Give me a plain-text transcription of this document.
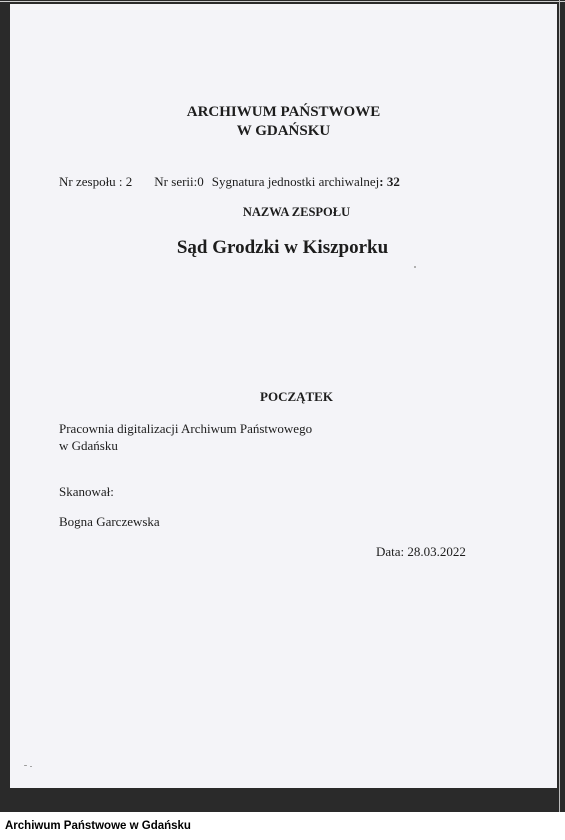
ARCHIWUM PAŃSTWOWE
W GDAŃSKU
Nr zespołu : 2 Nr serii:0 Sygnatura jednostki archiwalnej: 32
NAZWA ZESPOŁU
Sąd Grodzki w Kiszporku
POCZĄTEK
Pracownia digitalizacji Archiwum Państwowego
w Gdańsku
Skanował:
Bogna Garczewska
Data: 28.03.2022
Archiwum Państwowe w Gdańsku
